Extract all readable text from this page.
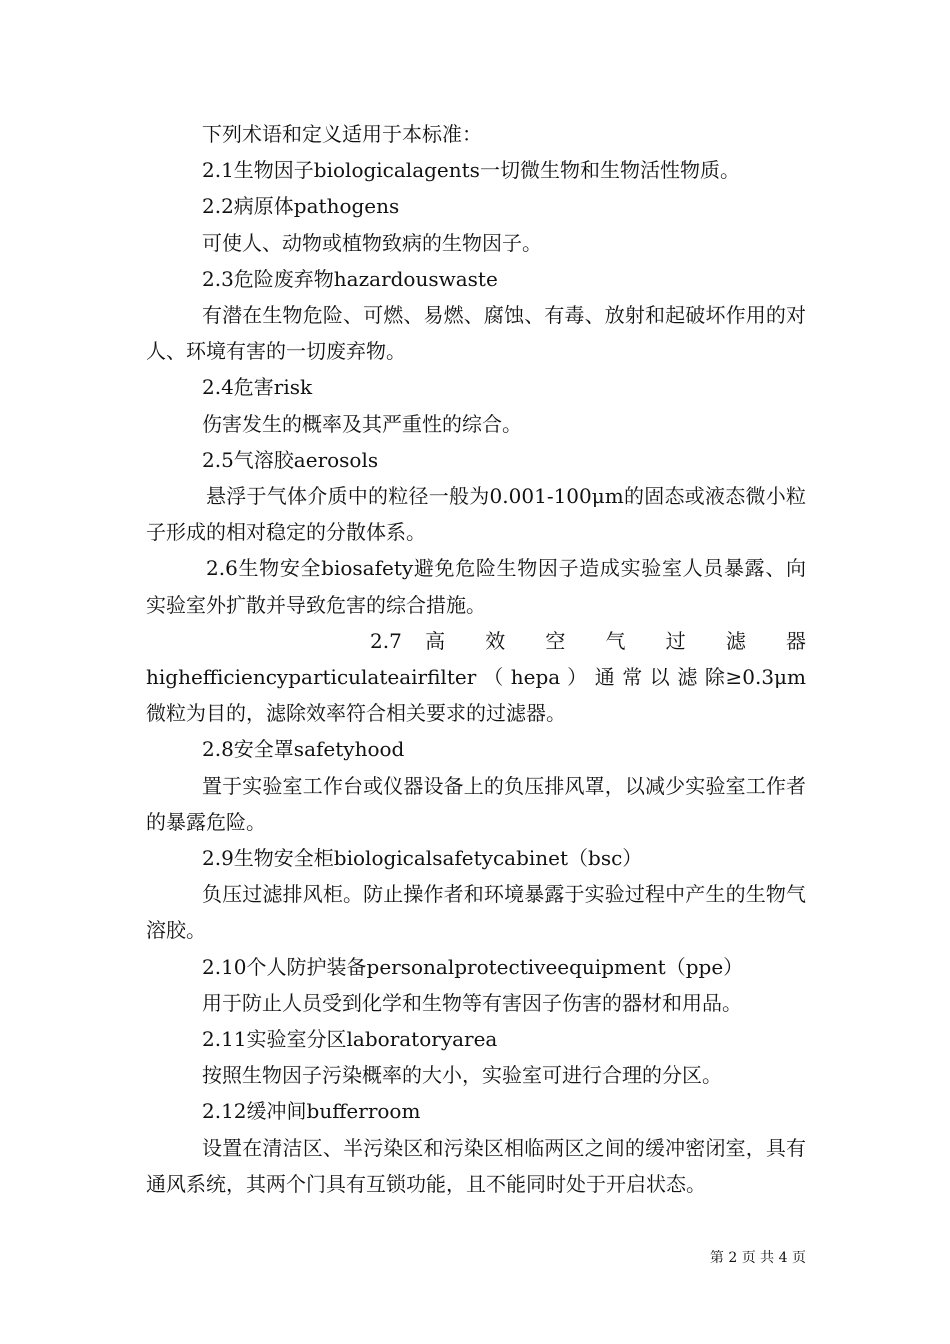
下列术语和定义适用于本标准：

2.1生物因子biologicalagents一切微生物和生物活性物质。

2.2病原体pathogens

可使人、动物或植物致病的生物因子。

2.3危险废弃物hazardouswaste

有潜在生物危险、可燃、易燃、腐蚀、有毒、放射和起破坏作用的对人、环境有害的一切废弃物。

2.4危害risk

伤害发生的概率及其严重性的综合。

2.5气溶胶aerosols

悬浮于气体介质中的粒径一般为0.001-100μm的固态或液态微小粒子形成的相对稳定的分散体系。

2.6生物安全biosafety避免危险生物因子造成实验室人员暴露、向实验室外扩散并导致危害的综合措施。

2.7 高 效 空 气 过 滤 器

highefficiencyparticulateairfilter （ hepa ） 通 常 以 滤 除≥0.3μm微粒为目的，滤除效率符合相关要求的过滤器。

2.8安全罩safetyhood

置于实验室工作台或仪器设备上的负压排风罩，以减少实验室工作者的暴露危险。

2.9生物安全柜biologicalsafetycabinet（bsc）

负压过滤排风柜。防止操作者和环境暴露于实验过程中产生的生物气溶胶。

2.10个人防护装备personalprotectiveequipment（ppe）

用于防止人员受到化学和生物等有害因子伤害的器材和用品。

2.11实验室分区laboratoryarea

按照生物因子污染概率的大小，实验室可进行合理的分区。

2.12缓冲间bufferroom

设置在清洁区、半污染区和污染区相临两区之间的缓冲密闭室，具有通风系统，其两个门具有互锁功能，且不能同时处于开启状态。

第 2 页 共 4 页
